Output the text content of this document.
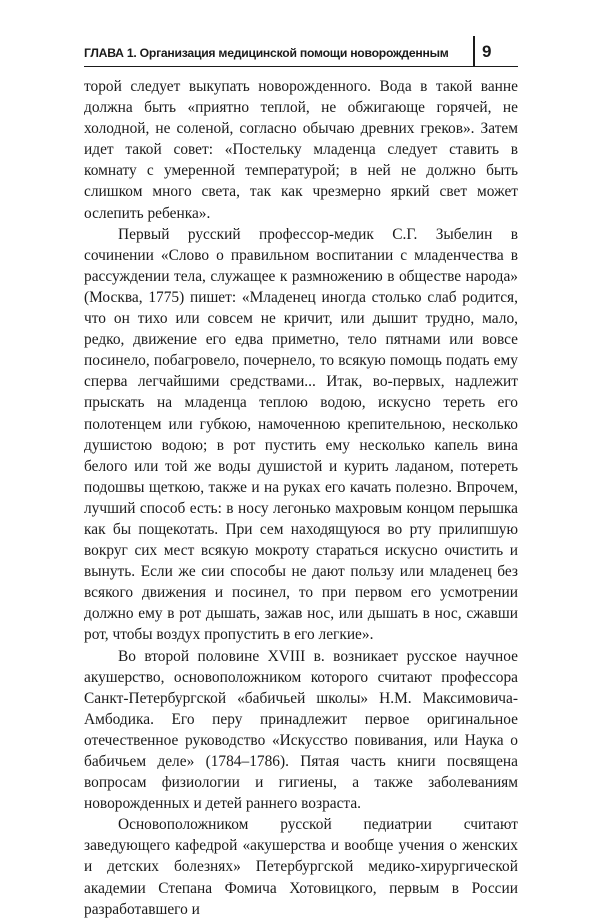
ГЛАВА 1. Организация медицинской помощи новорожденным 9

торой следует выкупать новорожденного. Вода в такой ванне должна быть «приятно теплой, не обжигающе горячей, не холодной, не соленой, согласно обычаю древних греков». Затем идет такой совет: «Постельку младенца следует ставить в комнату с умеренной температурой; в ней не должно быть слишком много света, так как чрезмерно яркий свет может ослепить ребенка».

Первый русский профессор-медик С.Г. Зыбелин в сочинении «Слово о правильном воспитании с младенчества в рассуждении тела, служащее к размножению в обществе народа» (Москва, 1775) пишет: «Младенец иногда столько слаб родится, что он тихо или совсем не кричит, или дышит трудно, мало, редко, движение его едва приметно, тело пятнами или вовсе посинело, побагровело, почернело, то всякую помощь подать ему сперва легчайшими средствами... Итак, во-первых, надлежит прыскать на младенца теплою водою, искусно тереть его полотенцем или губкою, намоченною крепительною, несколько душистою водою; в рот пустить ему несколько капель вина белого или той же воды душистой и курить ладаном, потереть подошвы щеткою, также и на руках его качать полезно. Впрочем, лучший способ есть: в носу легонько махровым концом перышка как бы пощекотать. При сем находящуюся во рту прилипшую вокруг сих мест всякую мокроту стараться искусно очистить и вынуть. Если же сии способы не дают пользу или младенец без всякого движения и посинел, то при первом его усмотрении должно ему в рот дышать, зажав нос, или дышать в нос, сжавши рот, чтобы воздух пропустить в его легкие».

Во второй половине XVIII в. возникает русское научное акушерство, основоположником которого считают профессора Санкт-Петербургской «бабичьей школы» Н.М. Максимовича-Амбодика. Его перу принадлежит первое оригинальное отечественное руководство «Искусство повивания, или Наука о бабичьем деле» (1784–1786). Пятая часть книги посвящена вопросам физиологии и гигиены, а также заболеваниям новорожденных и детей раннего возраста.

Основоположником русской педиатрии считают заведующего кафедрой «акушерства и вообще учения о женских и детских болезнях» Петербургской медико-хирургической академии Степана Фомича Хотовицкого, первым в России разработавшего и
